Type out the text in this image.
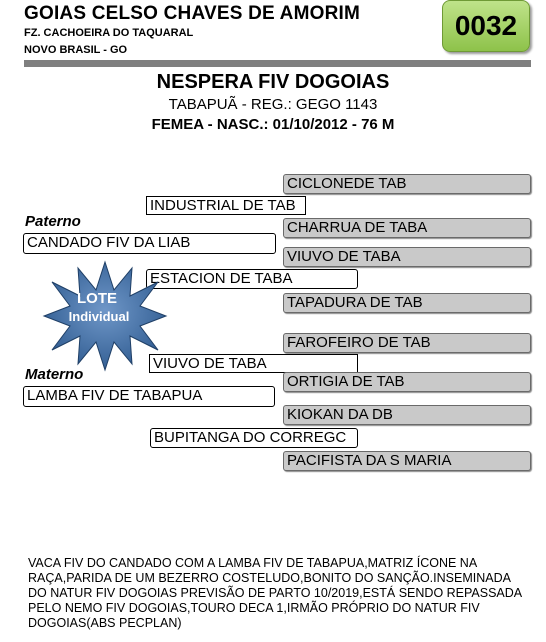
GOIAS CELSO CHAVES DE AMORIM
FZ. CACHOEIRA DO TAQUARAL
NOVO BRASIL - GO
0032
NESPERA FIV DOGOIAS
TABAPUÃ - REG.: GEGO 1143
FEMEA - NASC.: 01/10/2012 - 76 M
CICLONEDE TAB
INDUSTRIAL DE TAB
Paterno	CHARRUA DE TABA
CANDADO FIV DA LIAB
VIUVO DE TABA
ESTACION DE TABA
TAPADURA DE TAB
FAROFEIRO DE TAB
VIUVO DE TABA
Materno	ORTIGIA DE TAB
LAMBA FIV DE TABAPUA
KIOKAN DA DB
BUPITANGA DO CORREGC
PACIFISTA DA S MARIA
LOTE
Individual
VACA FIV DO CANDADO COM A LAMBA FIV DE TABAPUA,MATRIZ ÍCONE NA RAÇA,PARIDA DE UM BEZERRO COSTELUDO,BONITO DO SANÇÃO.INSEMINADA DO NATUR FIV DOGOIAS PREVISÃO DE PARTO 10/2019,ESTÁ SENDO REPASSADA PELO NEMO FIV DOGOIAS,TOURO DECA 1,IRMÃO PRÓPRIO DO NATUR FIV DOGOIAS(ABS PECPLAN)
